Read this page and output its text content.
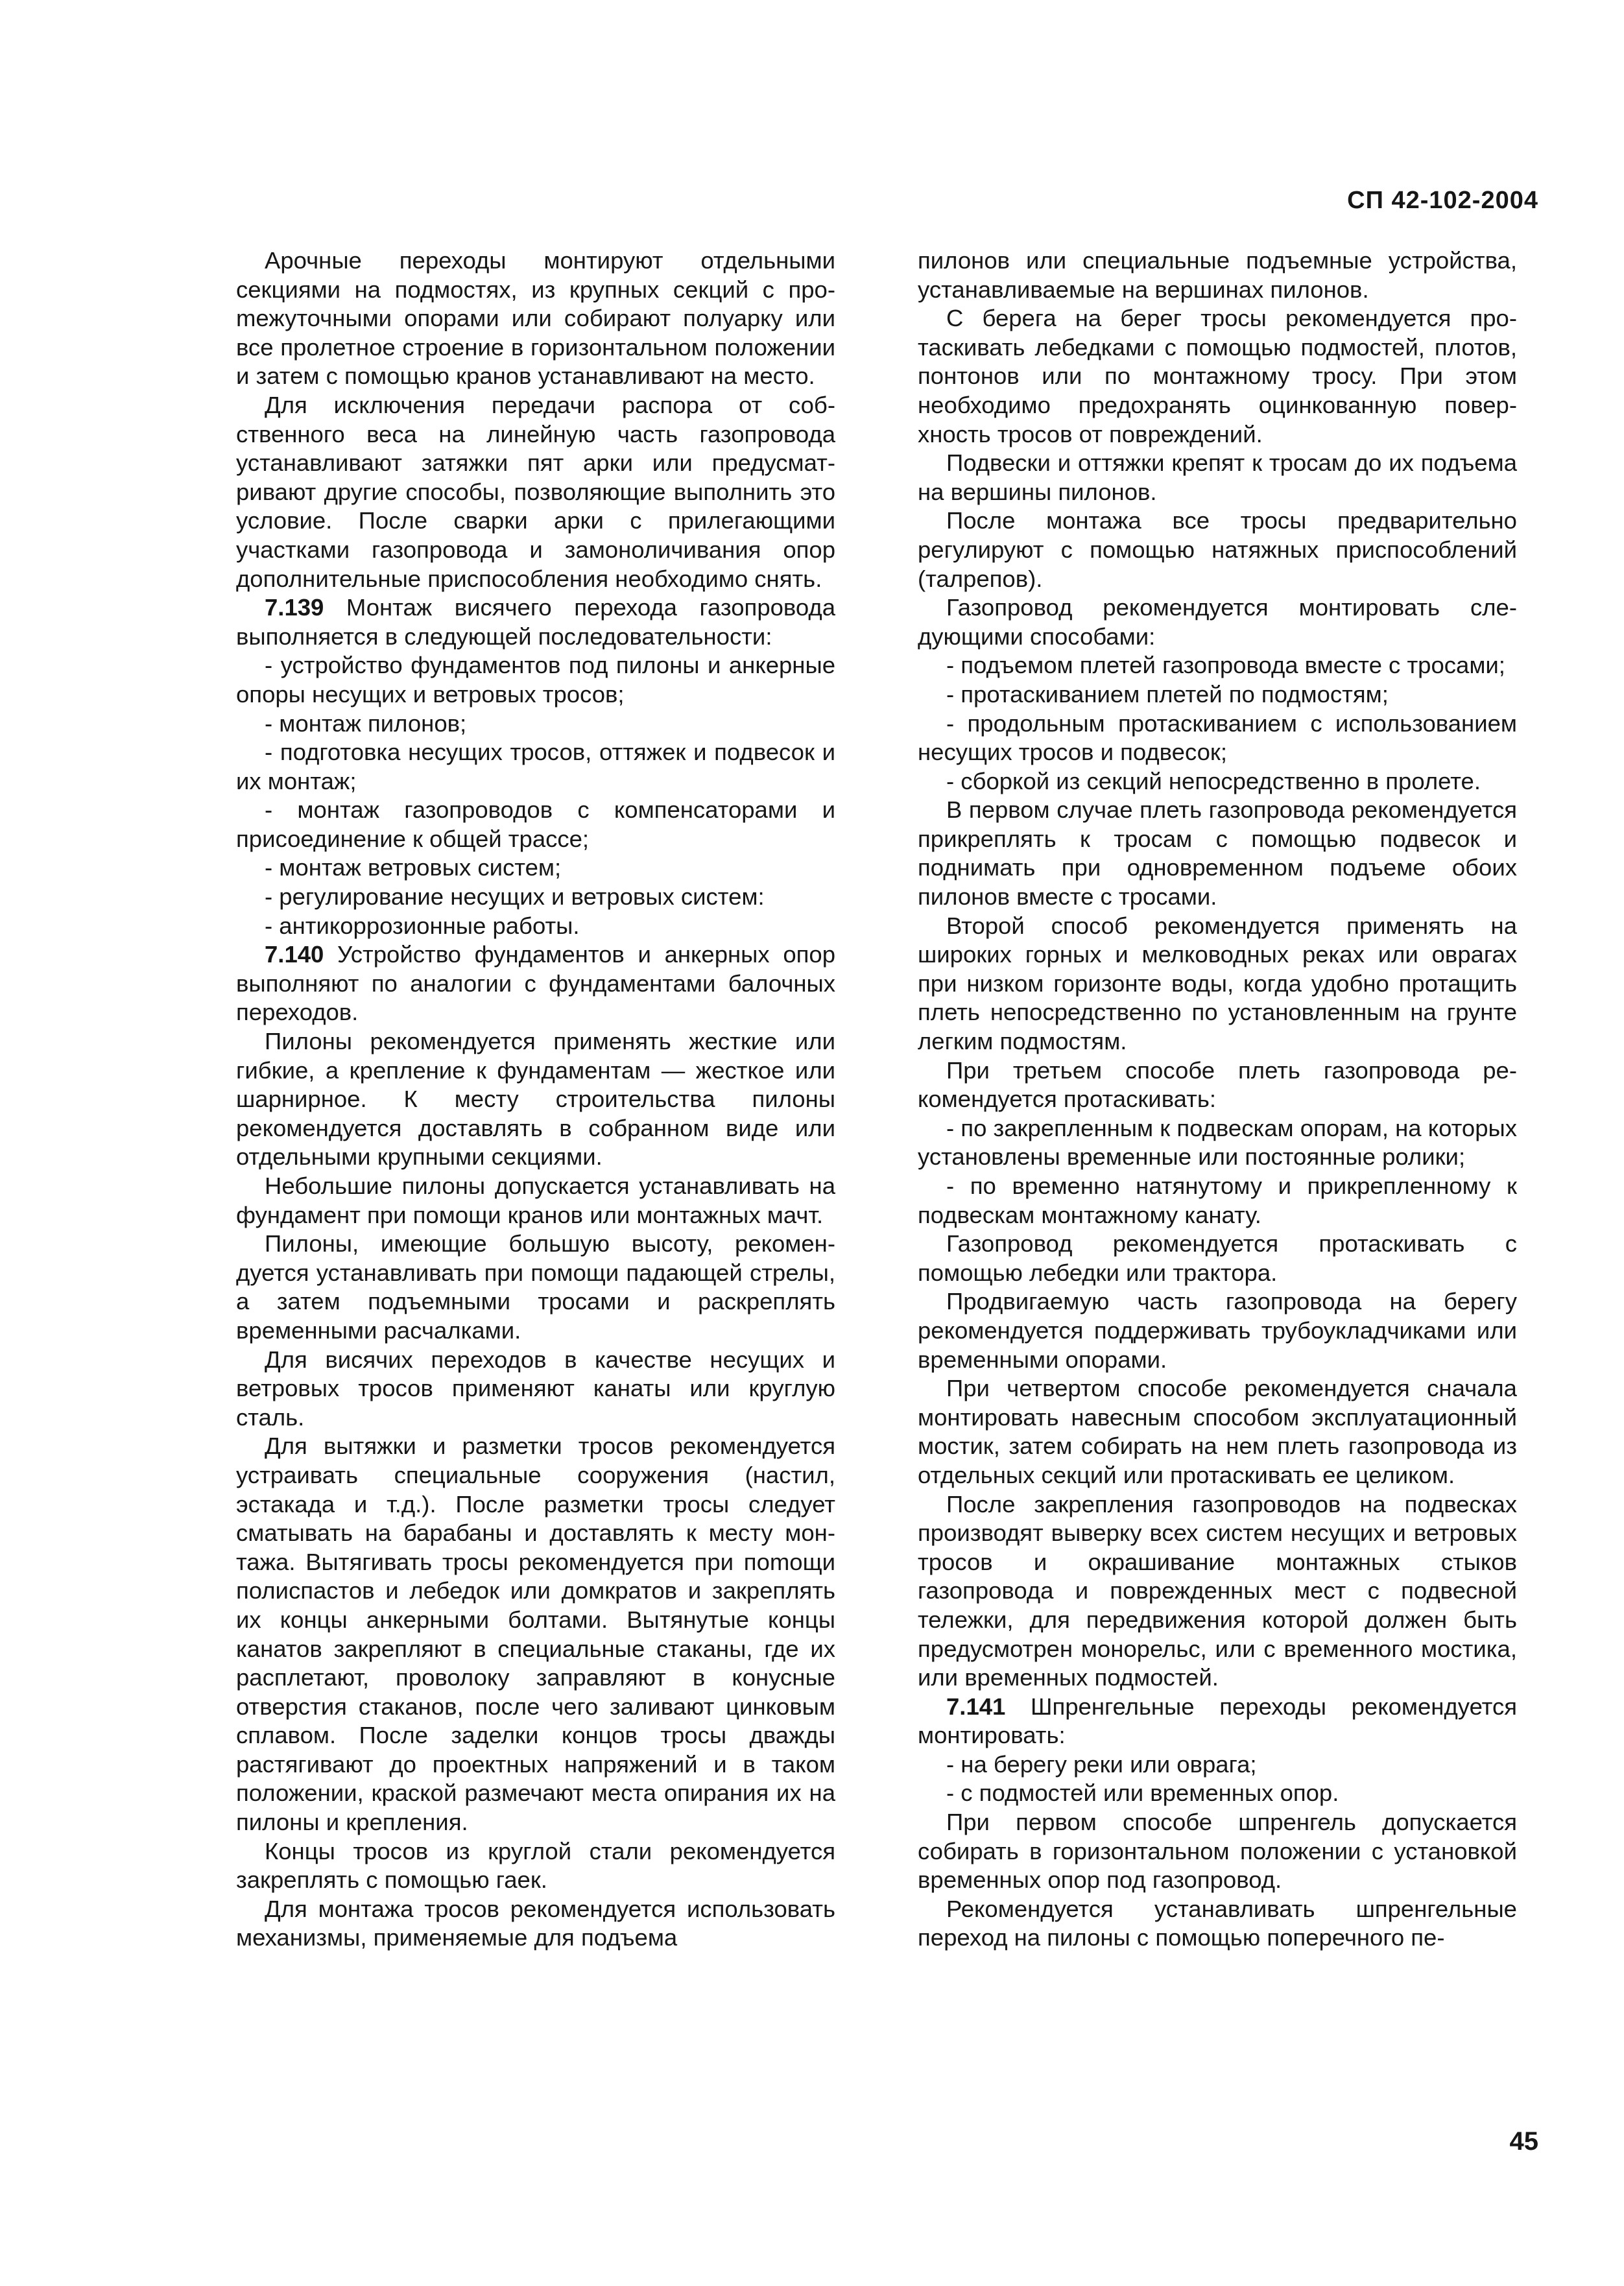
СП 42-102-2004

Арочные переходы монтируют отдельными секциями на подмостях, из крупных секций с проmежуточными опорами или собирают полуарку или все пролетное строение в горизонтальном положении и затем с помощью кранов устанавливают на место.

Для исключения передачи распора от собственного веса на линейную часть газопровода устанавливают затяжки пят арки или предусматривают другие способы, позволяющие выполнить это условие. После сварки арки с прилегающими участками газопровода и замоноличивания опор дополнительные приспособления необходимо снять.

7.139 Монтаж висячего перехода газопровода выполняется в следующей последовательности:

- устройство фундаментов под пилоны и анкерные опоры несущих и ветровых тросов;

- монтаж пилонов;

- подготовка несущих тросов, оттяжек и подвесок и их монтаж;

- монтаж газопроводов с компенсаторами и присоединение к общей трассе;

- монтаж ветровых систем;

- регулирование несущих и ветровых систем:

- антикоррозионные работы.

7.140 Устройство фундаментов и анкерных опор выполняют по аналогии с фундаментами балочных переходов.

Пилоны рекомендуется применять жесткие или гибкие, а крепление к фундаментам — жесткое или шарнирное. К месту строительства пилоны рекомендуется доставлять в собранном виде или отдельными крупными секциями.

Небольшие пилоны допускается устанавливать на фундамент при помощи кранов или монтажных мачт.

Пилоны, имеющие большую высоту, рекомендуется устанавливать при помощи падающей стрелы, а затем подъемными тросами и раскреплять временными расчалками.

Для висячих переходов в качестве несущих и ветровых тросов применяют канаты или круглую сталь.

Для вытяжки и разметки тросов рекомендуется устраивать специальные сооружения (настил, эстакада и т.д.). После разметки тросы следует сматывать на барабаны и доставлять к месту монтажа. Вытягивать тросы рекомендуется при поmощи полиспастов и лебедок или домкратов и закреплять их концы анкерными болтами. Вытянутые концы канатов закрепляют в специальные стаканы, где их расплетают, проволоку заправляют в конусные отверстия стаканов, после чего заливают цинковым сплавом. После заделки концов тросы дважды растягивают до проектных напряжений и в таком положении, краской размечают места опирания их на пилоны и крепления.

Концы тросов из круглой стали рекомендуется закреплять с помощью гаек.

Для монтажа тросов рекомендуется использовать механизмы, применяемые для подъема

пилонов или специальные подъемные устройства, устанавливаемые на вершинах пилонов.

С берега на берег тросы рекомендуется протаскивать лебедками с помощью подмостей, плотов, понтонов или по монтажному тросу. При этом необходимо предохранять оцинкованную поверхность тросов от повреждений.

Подвески и оттяжки крепят к тросам до их подъема на вершины пилонов.

После монтажа все тросы предварительно регулируют с помощью натяжных приспособлений (талрепов).

Газопровод рекомендуется монтировать следующими способами:

- подъемом плетей газопровода вместе с тросами;

- протаскиванием плетей по подмостям;

- продольным протаскиванием с использованием несущих тросов и подвесок;

- сборкой из секций непосредственно в пролете.

В первом случае плеть газопровода рекомендуется прикреплять к тросам с помощью подвесок и поднимать при одновременном подъеме обоих пилонов вместе с тросами.

Второй способ рекомендуется применять на широких горных и мелководных реках или оврагах при низком горизонте воды, когда удобно протащить плеть непосредственно по установленным на грунте легким подмостям.

При третьем способе плеть газопровода рекомендуется протаскивать:

- по закрепленным к подвескам опорам, на которых установлены временные или постоянные ролики;

- по временно натянутому и прикрепленному к подвескам монтажному канату.

Газопровод рекомендуется протаскивать с помощью лебедки или трактора.

Продвигаемую часть газопровода на берегу рекомендуется поддерживать трубоукладчиками или временными опорами.

При четвертом способе рекомендуется сначала монтировать навесным способом эксплуатационный мостик, затем собирать на нем плеть газопровода из отдельных секций или протаскивать ее целиком.

После закрепления газопроводов на подвесках производят выверку всех систем несущих и ветровых тросов и окрашивание монтажных стыков газопровода и поврежденных мест с подвесной тележки, для передвижения которой должен быть предусмотрен монорельс, или с временного мостика, или временных подмостей.

7.141 Шпренгельные переходы рекомендуется монтировать:

- на берегу реки или оврага;

- с подмостей или временных опор.

При первом способе шпренгель допускается собирать в горизонтальном положении с установкой временных опор под газопровод.

Рекомендуется устанавливать шпренгельные переход на пилоны с помощью поперечного пе-

45
